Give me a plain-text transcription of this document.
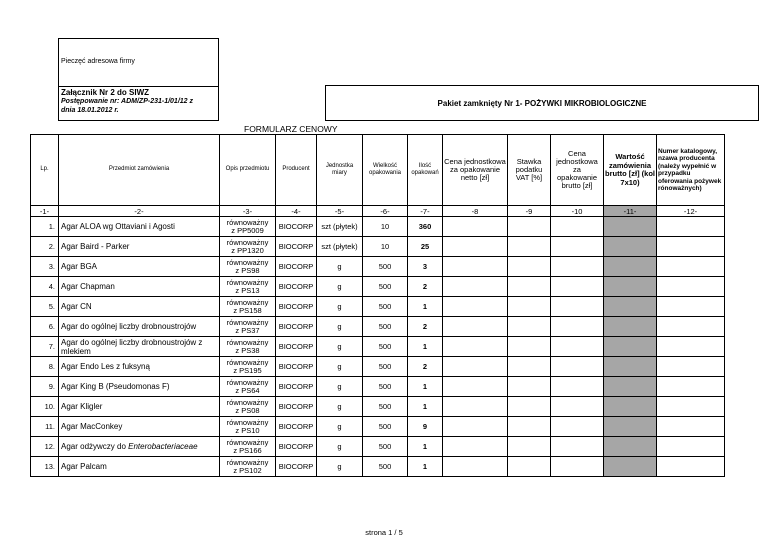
Pieczęć adresowa firmy
Załącznik Nr 2 do SIWZ
Postępowanie nr: ADM/ZP-231-1/01/12 z
dnia 18.01.2012 r.
Pakiet zamknięty Nr 1- POŻYWKI MIKROBIOLOGICZNE
FORMULARZ CENOWY
Lp.	Przedmiot zamówienia	Opis przedmiotu	Producent	Jednostka miary	Wielkość opakowania	Ilość opakowań	Cena jednostkowa za opakowanie netto [zł]	Stawka podatku VAT [%]	Cena jednostkowa za opakowanie brutto [zł]	Wartość zamówienia brutto [zł] (kol 7x10)	Numer katalogowy, nzawa producenta (należy wypełnić w przypadku oferowania pożywek rónoważnych)
-1-	-2-	-3-	-4-	-5-	-6-	-7-	-8	-9	-10	-11-	-12-
1.	Agar ALOA wg Ottaviani i Agosti	równoważny
z PP5009	BIOCORP	szt (płytek)	10	360					
2.	Agar Baird - Parker	równoważny
z PP1320	BIOCORP	szt (płytek)	10	25					
3.	Agar BGA	równoważny
z PS98	BIOCORP	g	500	3					
4.	Agar Chapman	równoważny
z PS13	BIOCORP	g	500	2					
5.	Agar CN	równoważny
z PS158	BIOCORP	g	500	1					
6.	Agar do ogólnej liczby drobnoustrojów	równoważny
z PS37	BIOCORP	g	500	2					
7.	Agar do ogólnej liczby drobnoustrojów z mlekiem	równoważny
z PS38	BIOCORP	g	500	1					
8.	Agar Endo Les z fuksyną	równoważny
z PS195	BIOCORP	g	500	2					
9.	Agar King B (Pseudomonas F)	równoważny
z PS64	BIOCORP	g	500	1					
10.	Agar Kligler	równoważny
z PS08	BIOCORP	g	500	1					
11.	Agar MacConkey	równoważny
z PS10	BIOCORP	g	500	9					
12.	Agar odżywczy do Enterobacteriaceae	równoważny
z PS166	BIOCORP	g	500	1					
13.	Agar Palcam	równoważny
z PS102	BIOCORP	g	500	1					
strona 1 / 5
